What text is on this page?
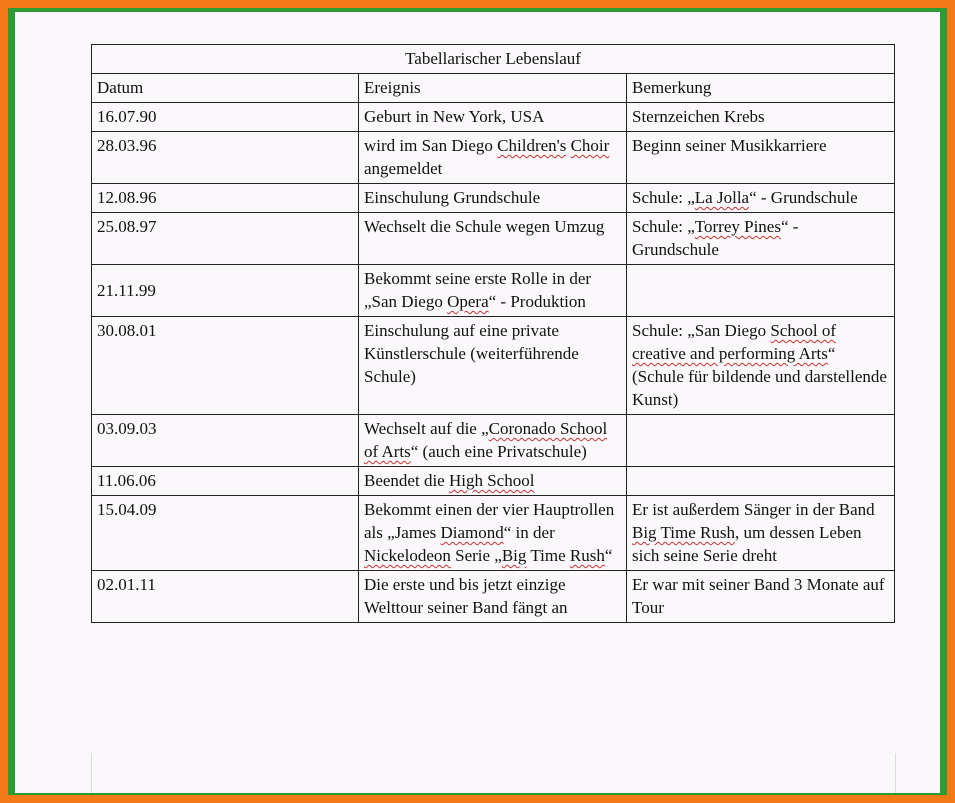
Tabellarischer Lebenslauf		
Datum	Ereignis	Bemerkung
16.07.90	Geburt in New York, USA	Sternzeichen Krebs
28.03.96	wird im San Diego Children's Choir angemeldet	Beginn seiner Musikkarriere
12.08.96	Einschulung Grundschule	Schule: „La Jolla“ - Grundschule
25.08.97	Wechselt die Schule wegen Umzug	Schule: „Torrey Pines“ - Grundschule
21.11.99	Bekommt seine erste Rolle in der „San Diego Opera“ - Produktion	
30.08.01	Einschulung auf eine private Künstlerschule (weiterführende Schule)	Schule: „San Diego School of creative and performing Arts“ (Schule für bildende und darstellende Kunst)
03.09.03	Wechselt auf die „Coronado School of Arts“ (auch eine Privatschule)	
11.06.06	Beendet die High School	
15.04.09	Bekommt einen der vier Hauptrollen als „James Diamond“ in der Nickelodeon Serie „Big Time Rush“	Er ist außerdem Sänger in der Band Big Time Rush, um dessen Leben sich seine Serie dreht
02.01.11	Die erste und bis jetzt einzige Welttour seiner Band fängt an	Er war mit seiner Band 3 Monate auf Tour
